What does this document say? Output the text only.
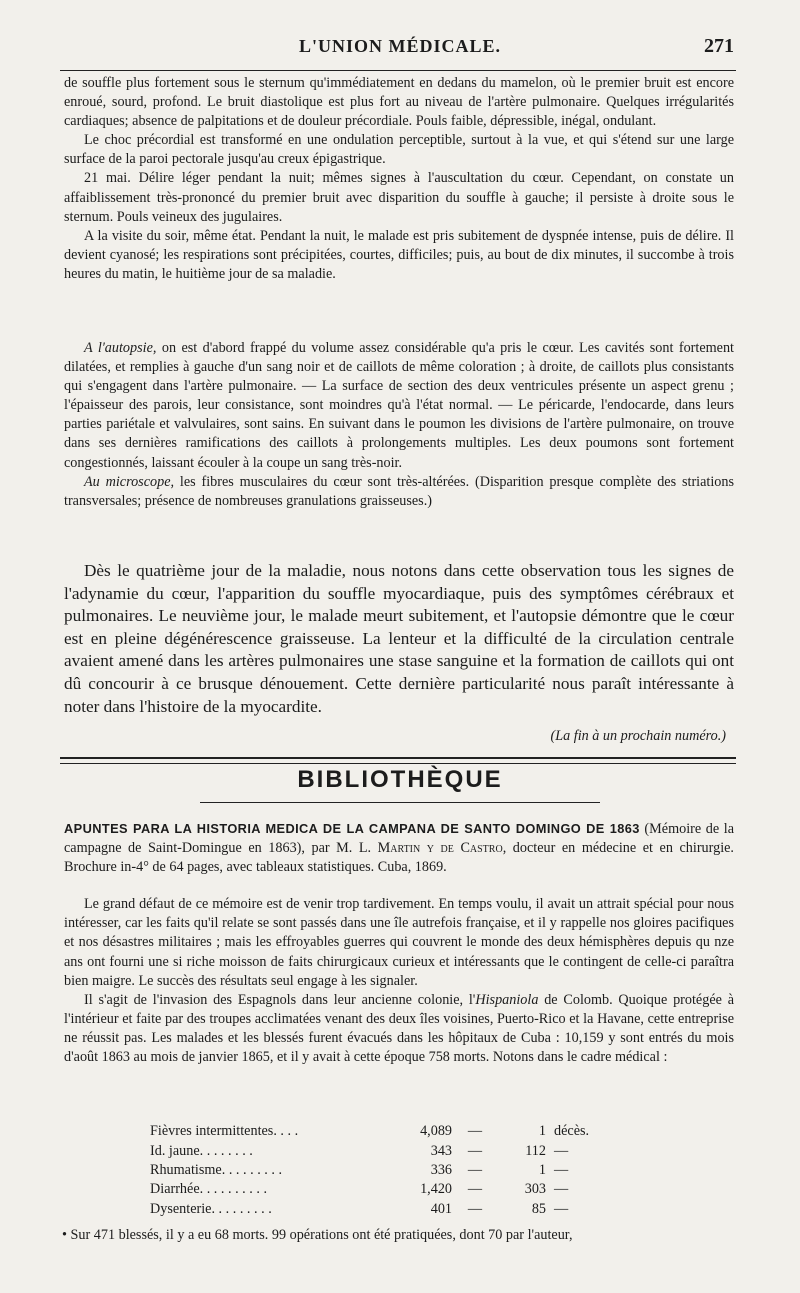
L'UNION MÉDICALE.	271

de souffle plus fortement sous le sternum qu'immédiatement en dedans du mamelon, où le premier bruit est encore enroué, sourd, profond. Le bruit diastolique est plus fort au niveau de l'artère pulmonaire. Quelques irrégularités cardiaques; absence de palpitations et de douleur précordiale. Pouls faible, dépressible, inégal, ondulant.

Le choc précordial est transformé en une ondulation perceptible, surtout à la vue, et qui s'étend sur une large surface de la paroi pectorale jusqu'au creux épigastrique.

21 mai. Délire léger pendant la nuit; mêmes signes à l'auscultation du cœur. Cependant, on constate un affaiblissement très-prononcé du premier bruit avec disparition du souffle à gauche; il persiste à droite sous le sternum. Pouls veineux des jugulaires.

A la visite du soir, même état. Pendant la nuit, le malade est pris subitement de dyspnée intense, puis de délire. Il devient cyanosé; les respirations sont précipitées, courtes, difficiles; puis, au bout de dix minutes, il succombe à trois heures du matin, le huitième jour de sa maladie.

A l'autopsie, on est d'abord frappé du volume assez considérable qu'a pris le cœur. Les cavités sont fortement dilatées, et remplies à gauche d'un sang noir et de caillots de même coloration ; à droite, de caillots plus consistants qui s'engagent dans l'artère pulmonaire. — La surface de section des deux ventricules présente un aspect grenu ; l'épaisseur des parois, leur consistance, sont moindres qu'à l'état normal. — Le péricarde, l'endocarde, dans leurs parties pariétale et valvulaires, sont sains. En suivant dans le poumon les divisions de l'artère pulmonaire, on trouve dans ses dernières ramifications des caillots à prolongements multiples. Les deux poumons sont fortement congestionnés, laissant écouler à la coupe un sang très-noir.

Au microscope, les fibres musculaires du cœur sont très-altérées. (Disparition presque complète des striations transversales; présence de nombreuses granulations graisseuses.)

Dès le quatrième jour de la maladie, nous notons dans cette observation tous les signes de l'adynamie du cœur, l'apparition du souffle myocardiaque, puis des symptômes cérébraux et pulmonaires. Le neuvième jour, le malade meurt subitement, et l'autopsie démontre que le cœur est en pleine dégénérescence graisseuse. La lenteur et la difficulté de la circulation centrale avaient amené dans les artères pulmonaires une stase sanguine et la formation de caillots qui ont dû concourir à ce brusque dénouement. Cette dernière particularité nous paraît intéressante à noter dans l'histoire de la myocardite.

(La fin à un prochain numéro.)

BIBLIOTHÈQUE

APUNTES PARA LA HISTORIA MEDICA DE LA CAMPANA DE SANTO DOMINGO DE 1863 (Mémoire de la campagne de Saint-Domingue en 1863), par M. L. Martin y de Castro, docteur en médecine et en chirurgie. Brochure in-4° de 64 pages, avec tableaux statistiques. Cuba, 1869.

Le grand défaut de ce mémoire est de venir trop tardivement. En temps voulu, il avait un attrait spécial pour nous intéresser, car les faits qu'il relate se sont passés dans une île autrefois française, et il y rappelle nos gloires pacifiques et nos désastres militaires ; mais les effroyables guerres qui couvrent le monde des deux hémisphères depuis qu nze ans ont fourni une si riche moisson de faits chirurgicaux curieux et intéressants que le contingent de celle-ci paraîtra bien maigre. Le succès des résultats seul engage à les signaler.

Il s'agit de l'invasion des Espagnols dans leur ancienne colonie, l'Hispaniola de Colomb. Quoique protégée à l'intérieur et faite par des troupes acclimatées venant des deux îles voisines, Puerto-Rico et la Havane, cette entreprise ne réussit pas. Les malades et les blessés furent évacués dans les hôpitaux de Cuba : 10,159 y sont entrés du mois d'août 1863 au mois de janvier 1865, et il y avait à cette époque 758 morts. Notons dans le cadre médical :

Fièvres intermittentes. . . .	4,089	—	1	décès.
Id. jaune. . . . . . . .	343	—	112	—
Rhumatisme. . . . . . . . .	336	—	1	—
Diarrhée. . . . . . . . . .	1,420	—	303	—
Dysenterie. . . . . . . . .	401	—	85	—
• Sur 471 blessés, il y a eu 68 morts. 99 opérations ont été pratiquées, dont 70 par l'auteur,
